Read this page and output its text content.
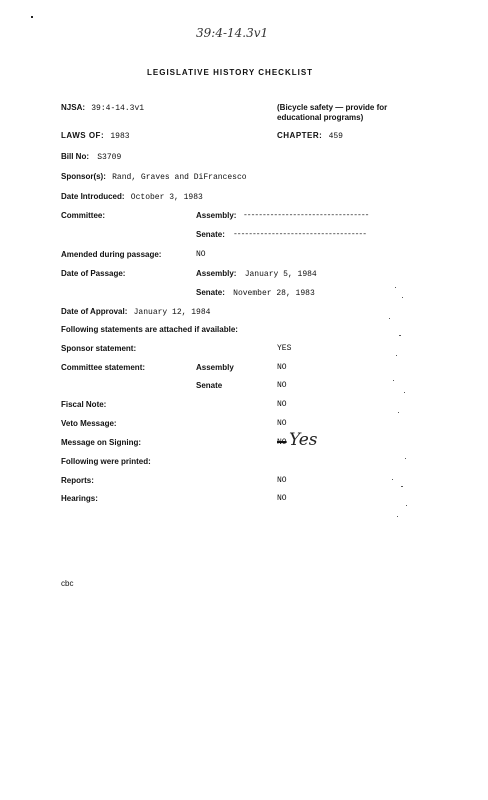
39:4-14.3v1
LEGISLATIVE HISTORY CHECKLIST
NJSA: 39:4-14.3v1	(Bicycle safety — provide for
educational programs)
LAWS OF: 1983	CHAPTER: 459
Bill No: S3709
Sponsor(s): Rand, Graves and DiFrancesco
Date Introduced: October 3, 1983
Committee:	Assembly: ---------------------------------
Senate: -----------------------------------
Amended during passage:	NO
Date of Passage:	Assembly: January 5, 1984
Senate: November 28, 1983
Date of Approval: January 12, 1984
Following statements are attached if available:
Sponsor statement:	YES
Committee statement:	Assembly	NO
Senate	NO
Fiscal Note:	NO
Veto Message:	NO
Message on Signing:	NO Yes
Following were printed:
Reports:	NO
Hearings:	NO
cbc
